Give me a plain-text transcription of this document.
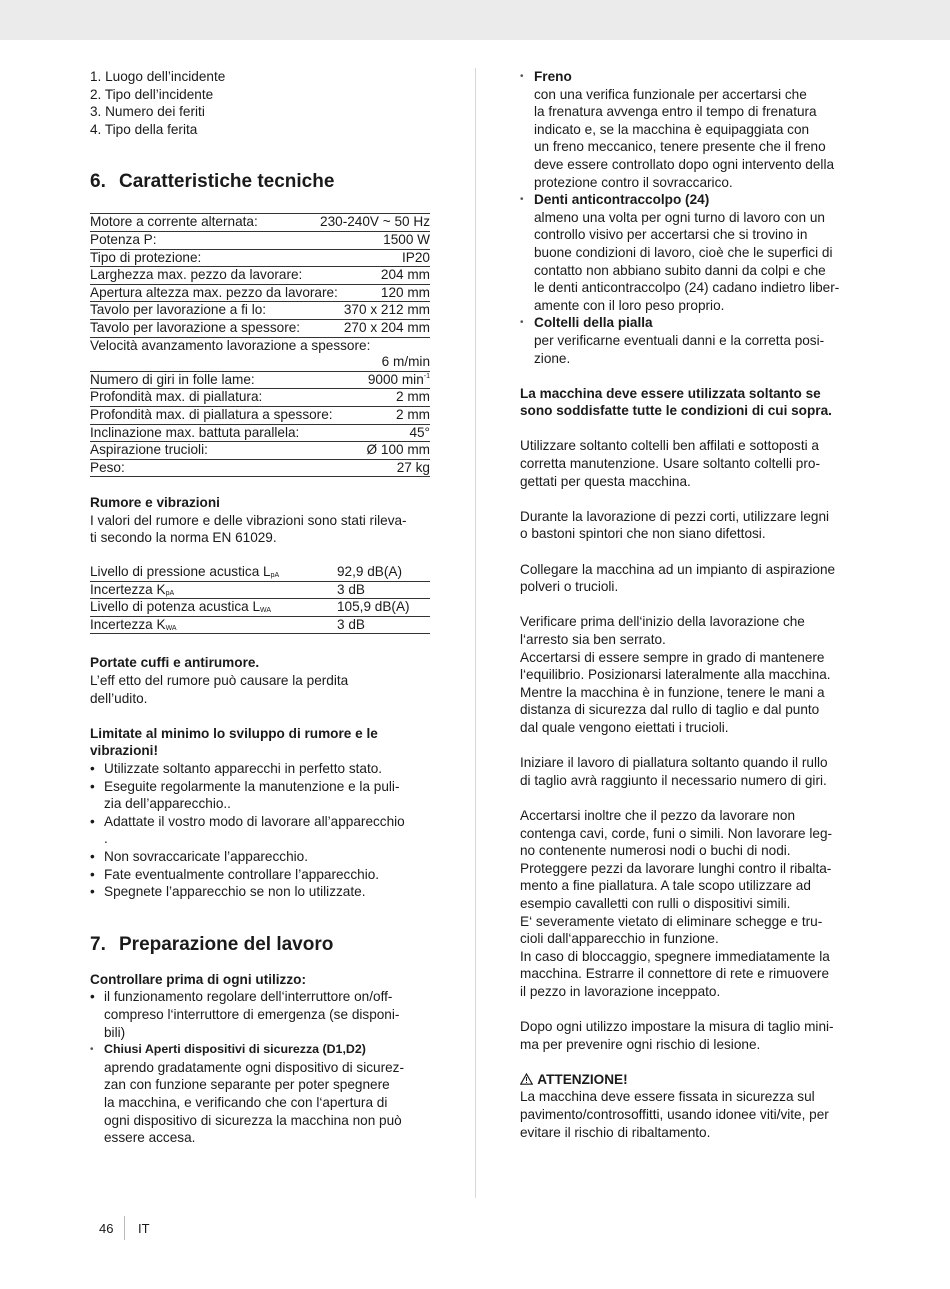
1. Luogo dell’incidente
2. Tipo dell’incidente
3. Numero dei feriti
4. Tipo della ferita
6. Caratteristiche tecniche
Motore a corrente alternata:	230-240V ~ 50 Hz
Potenza P:	1500 W
Tipo di protezione:	IP20
Larghezza max. pezzo da lavorare:	204 mm
Apertura altezza max. pezzo da lavorare:	120 mm
Tavolo per lavorazione a fi lo:	370 x 212 mm
Tavolo per lavorazione a spessore:	270 x 204 mm
Velocità avanzamento lavorazione a spessore:
6 m/min
Numero di giri in folle lame:	9000 $\min^{-1}$
Profondità max. di piallatura:	2 mm
Profondità max. di piallatura a spessore:	2 mm
Inclinazione max. battuta parallela:	45°
Aspirazione trucioli:	Ø 100 mm
Peso:	27 kg
Rumore e vibrazioni
I valori del rumore e delle vibrazioni sono stati rileva-
ti secondo la norma EN 61029.
Livello di pressione acustica $L_{pA}$	92,9 dB(A)
Incertezza $K_{pA}$	3 dB
Livello di potenza acustica $L_{WA}$	105,9 dB(A)
Incertezza $K_{WA}$	3 dB
Portate cuffi e antirumore.
L’eff etto del rumore può causare la perdita
dell’udito.
Limitate al minimo lo sviluppo di rumore e le
vibrazioni!
• Utilizzate soltanto apparecchi in perfetto stato.
• Eseguite regolarmente la manutenzione e la puli-
zia dell’apparecchio..
• Adattate il vostro modo di lavorare all’apparecchio
.
• Non sovraccaricate l’apparecchio.
• Fate eventualmente controllare l’apparecchio.
• Spegnete l’apparecchio se non lo utilizzate.
7. Preparazione del lavoro
Controllare prima di ogni utilizzo:
• il funzionamento regolare dell‘interruttore on/off-
compreso l‘interruttore di emergenza (se disponi-
bili)
• Chiusi Aperti dispositivi di sicurezza (D1,D2)
aprendo gradatamente ogni dispositivo di sicurez-
zan con funzione separante per poter spegnere
la macchina, e verificando che con l‘apertura di
ogni dispositivo di sicurezza la macchina non può
essere accesa.
• Freno
con una verifica funzionale per accertarsi che
la frenatura avvenga entro il tempo di frenatura
indicato e, se la macchina è equipaggiata con
un freno meccanico, tenere presente che il freno
deve essere controllato dopo ogni intervento della
protezione contro il sovraccarico.
• Denti anticontraccolpo (24)
almeno una volta per ogni turno di lavoro con un
controllo visivo per accertarsi che si trovino in
buone condizioni di lavoro, cioè che le superfici di
contatto non abbiano subito danni da colpi e che
le denti anticontraccolpo (24) cadano indietro liber-
amente con il loro peso proprio.
• Coltelli della pialla
per verificarne eventuali danni e la corretta posi-
zione.
La macchina deve essere utilizzata soltanto se
sono soddisfatte tutte le condizioni di cui sopra.
Utilizzare soltanto coltelli ben affilati e sottoposti a
corretta manutenzione. Usare soltanto coltelli pro-
gettati per questa macchina.
Durante la lavorazione di pezzi corti, utilizzare legni
o bastoni spintori che non siano difettosi.
Collegare la macchina ad un impianto di aspirazione
polveri o trucioli.
Verificare prima dell‘inizio della lavorazione che
l‘arresto sia ben serrato.
Accertarsi di essere sempre in grado di mantenere
l‘equilibrio. Posizionarsi lateralmente alla macchina.
Mentre la macchina è in funzione, tenere le mani a
distanza di sicurezza dal rullo di taglio e dal punto
dal quale vengono eiettati i trucioli.
Iniziare il lavoro di piallatura soltanto quando il rullo
di taglio avrà raggiunto il necessario numero di giri.
Accertarsi inoltre che il pezzo da lavorare non
contenga cavi, corde, funi o simili. Non lavorare leg-
no contenente numerosi nodi o buchi di nodi.
Proteggere pezzi da lavorare lunghi contro il ribalta-
mento a fine piallatura. A tale scopo utilizzare ad
esempio cavalletti con rulli o dispositivi simili.
E‘ severamente vietato di eliminare schegge e tru-
cioli dall‘apparecchio in funzione.
In caso di bloccaggio, spegnere immediatamente la
macchina. Estrarre il connettore di rete e rimuovere
il pezzo in lavorazione inceppato.
Dopo ogni utilizzo impostare la misura di taglio mini-
ma per prevenire ogni rischio di lesione.
ATTENZIONE!
La macchina deve essere fissata in sicurezza sul
pavimento/controsoffitti, usando idonee viti/vite, per
evitare il rischio di ribaltamento.
46 IT
